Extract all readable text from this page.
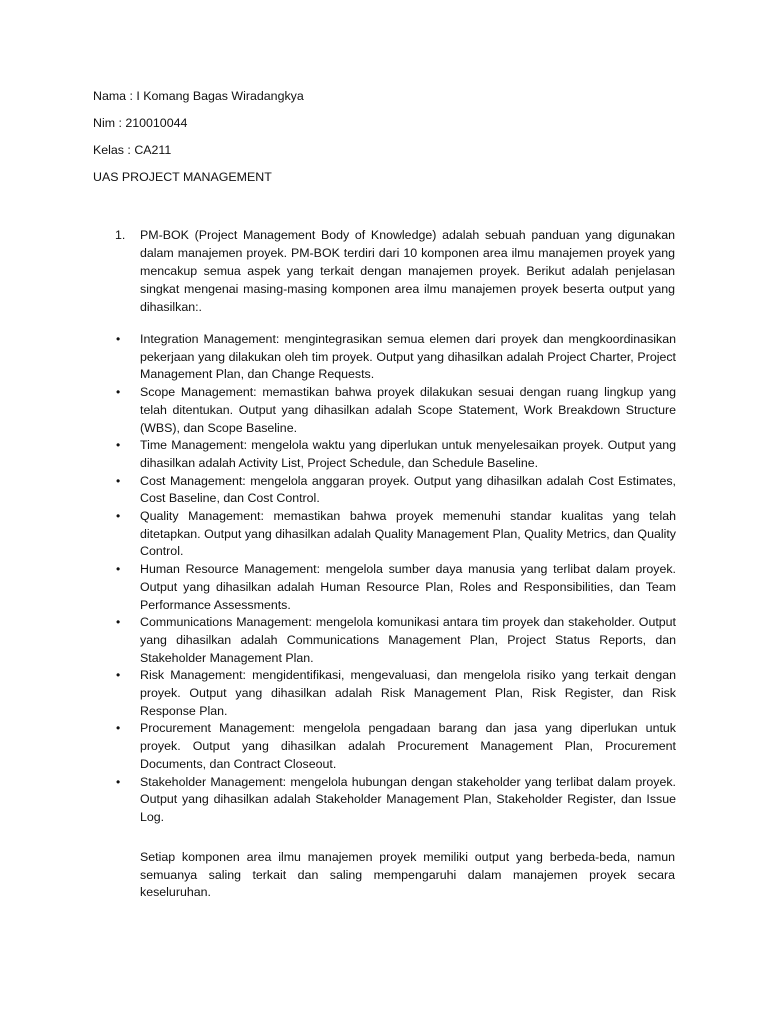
Nama : I Komang Bagas Wiradangkya

Nim : 210010044

Kelas : CA211

UAS PROJECT MANAGEMENT

1. PM-BOK (Project Management Body of Knowledge) adalah sebuah panduan yang digunakan dalam manajemen proyek. PM-BOK terdiri dari 10 komponen area ilmu manajemen proyek yang mencakup semua aspek yang terkait dengan manajemen proyek. Berikut adalah penjelasan singkat mengenai masing-masing komponen area ilmu manajemen proyek beserta output yang dihasilkan:.

•	Integration Management: mengintegrasikan semua elemen dari proyek dan mengkoordinasikan pekerjaan yang dilakukan oleh tim proyek. Output yang dihasilkan adalah Project Charter, Project Management Plan, dan Change Requests.
•	Scope Management: memastikan bahwa proyek dilakukan sesuai dengan ruang lingkup yang telah ditentukan. Output yang dihasilkan adalah Scope Statement, Work Breakdown Structure (WBS), dan Scope Baseline.
•	Time Management: mengelola waktu yang diperlukan untuk menyelesaikan proyek. Output yang dihasilkan adalah Activity List, Project Schedule, dan Schedule Baseline.
•	Cost Management: mengelola anggaran proyek. Output yang dihasilkan adalah Cost Estimates, Cost Baseline, dan Cost Control.
•	Quality Management: memastikan bahwa proyek memenuhi standar kualitas yang telah ditetapkan. Output yang dihasilkan adalah Quality Management Plan, Quality Metrics, dan Quality Control.
•	Human Resource Management: mengelola sumber daya manusia yang terlibat dalam proyek. Output yang dihasilkan adalah Human Resource Plan, Roles and Responsibilities, dan Team Performance Assessments.
•	Communications Management: mengelola komunikasi antara tim proyek dan stakeholder. Output yang dihasilkan adalah Communications Management Plan, Project Status Reports, dan Stakeholder Management Plan.
•	Risk Management: mengidentifikasi, mengevaluasi, dan mengelola risiko yang terkait dengan proyek. Output yang dihasilkan adalah Risk Management Plan, Risk Register, dan Risk Response Plan.
•	Procurement Management: mengelola pengadaan barang dan jasa yang diperlukan untuk proyek. Output yang dihasilkan adalah Procurement Management Plan, Procurement Documents, dan Contract Closeout.
•	Stakeholder Management: mengelola hubungan dengan stakeholder yang terlibat dalam proyek. Output yang dihasilkan adalah Stakeholder Management Plan, Stakeholder Register, dan Issue Log.

Setiap komponen area ilmu manajemen proyek memiliki output yang berbeda-beda, namun semuanya saling terkait dan saling mempengaruhi dalam manajemen proyek secara keseluruhan.
